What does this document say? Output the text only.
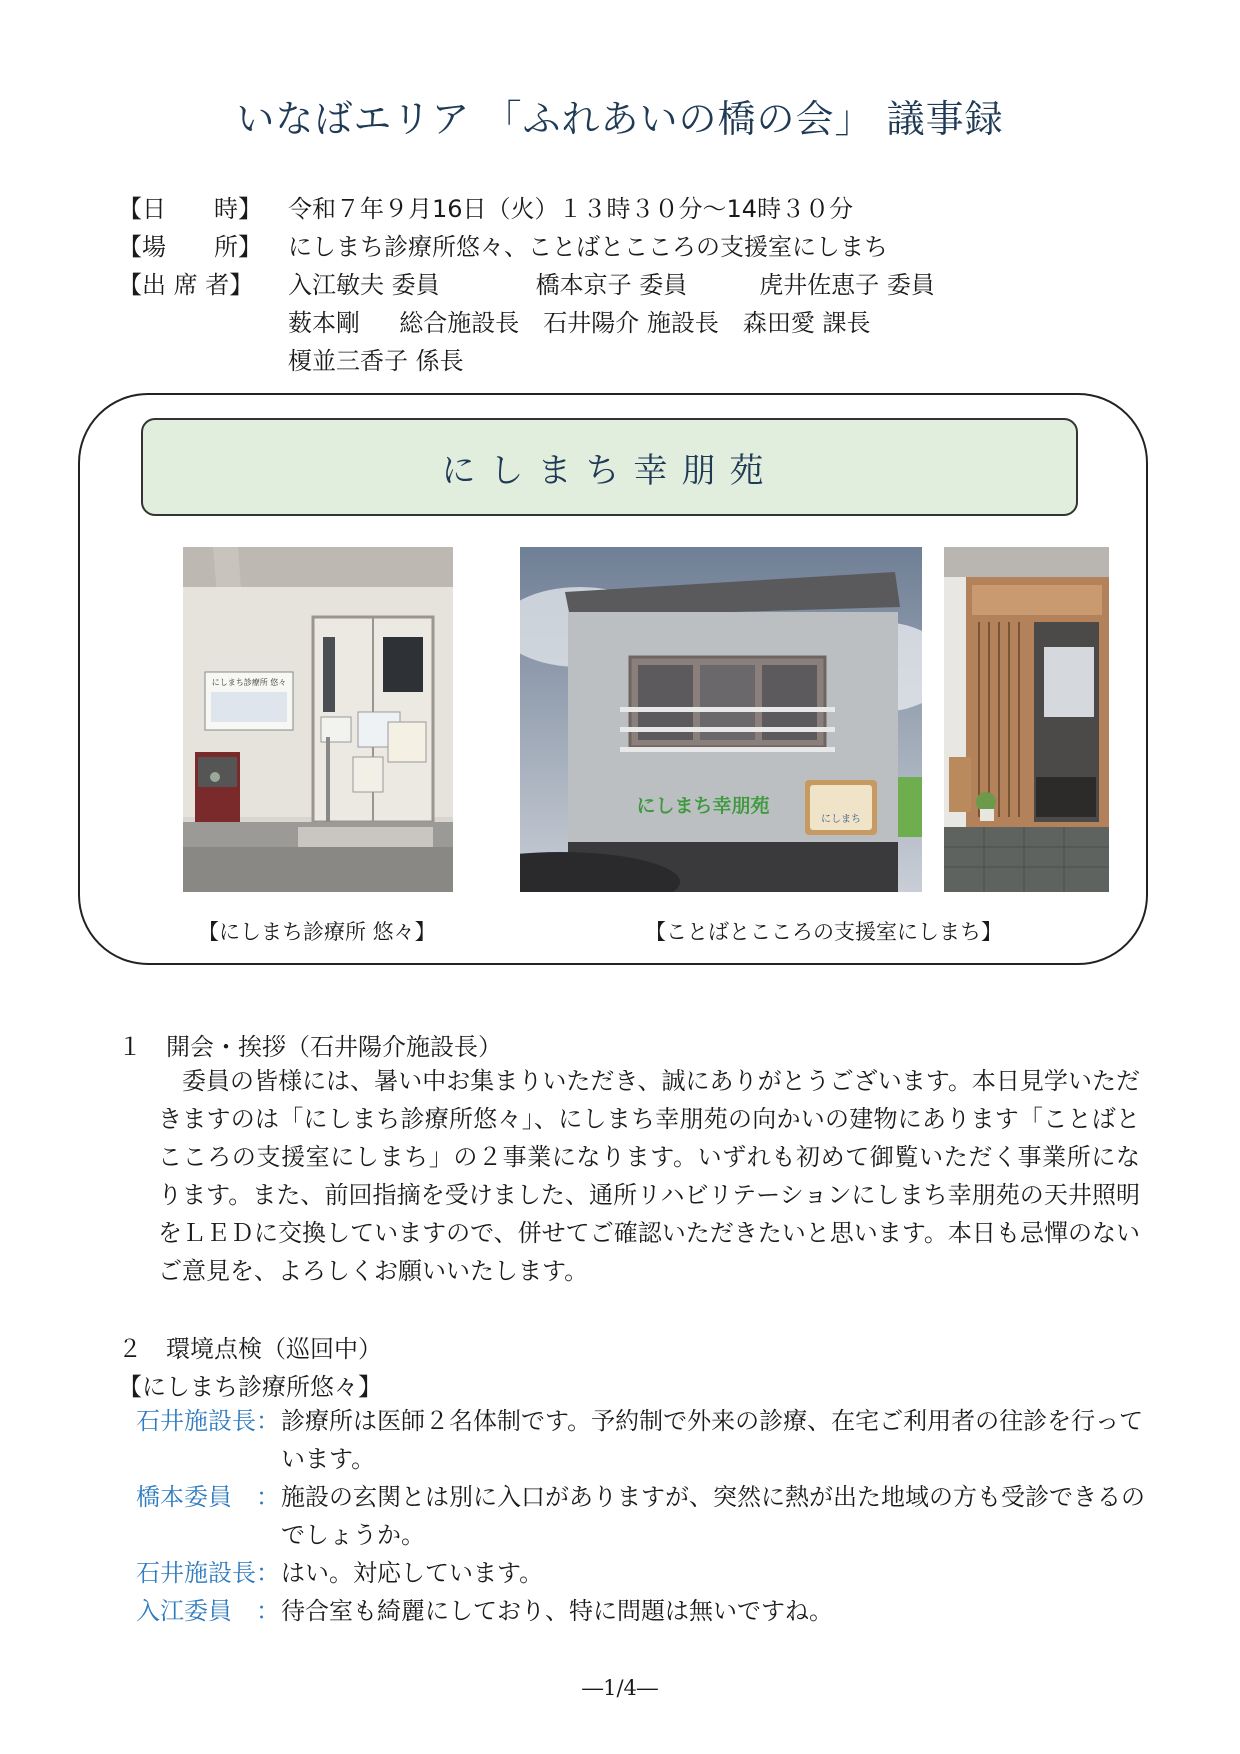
いなばエリア 「ふれあいの橋の会」 議事録
【日　　時】	令和７年９月16日（火）１３時３０分～14時３０分
【場　　所】	にしまち診療所悠々、ことばとこころの支援室にしまち
【出 席 者】	入江敏夫 委員　　　　橋本京子 委員　　　虎井佐恵子 委員
薮本剛　  総合施設長　石井陽介 施設長　森田愛 課長
榎並三香子 係長
にしまち幸朋苑
にしまち診療所 悠々
にしまち幸朋苑
にしまち
【にしまち診療所 悠々】	【ことばとこころの支援室にしまち】
１　開会・挨拶（石井陽介施設長）
委員の皆様には、暑い中お集まりいただき、誠にありがとうございます。本日見学いただきますのは「にしまち診療所悠々」、にしまち幸朋苑の向かいの建物にあります「ことばとこころの支援室にしまち」の２事業になります。いずれも初めて御覧いただく事業所になります。また、前回指摘を受けました、通所リハビリテーションにしまち幸朋苑の天井照明をＬＥＤに交換していますので、併せてご確認いただきたいと思います。本日も忌憚のないご意見を、よろしくお願いいたします。
２　環境点検（巡回中）
【にしまち診療所悠々】
石井施設長： 診療所は医師２名体制です。予約制で外来の診療、在宅ご利用者の往診を行っています。
橋本委員　： 施設の玄関とは別に入口がありますが、突然に熱が出た地域の方も受診できるのでしょうか。
石井施設長： はい。対応しています。
入江委員　： 待合室も綺麗にしており、特に問題は無いですね。
―1/4―
